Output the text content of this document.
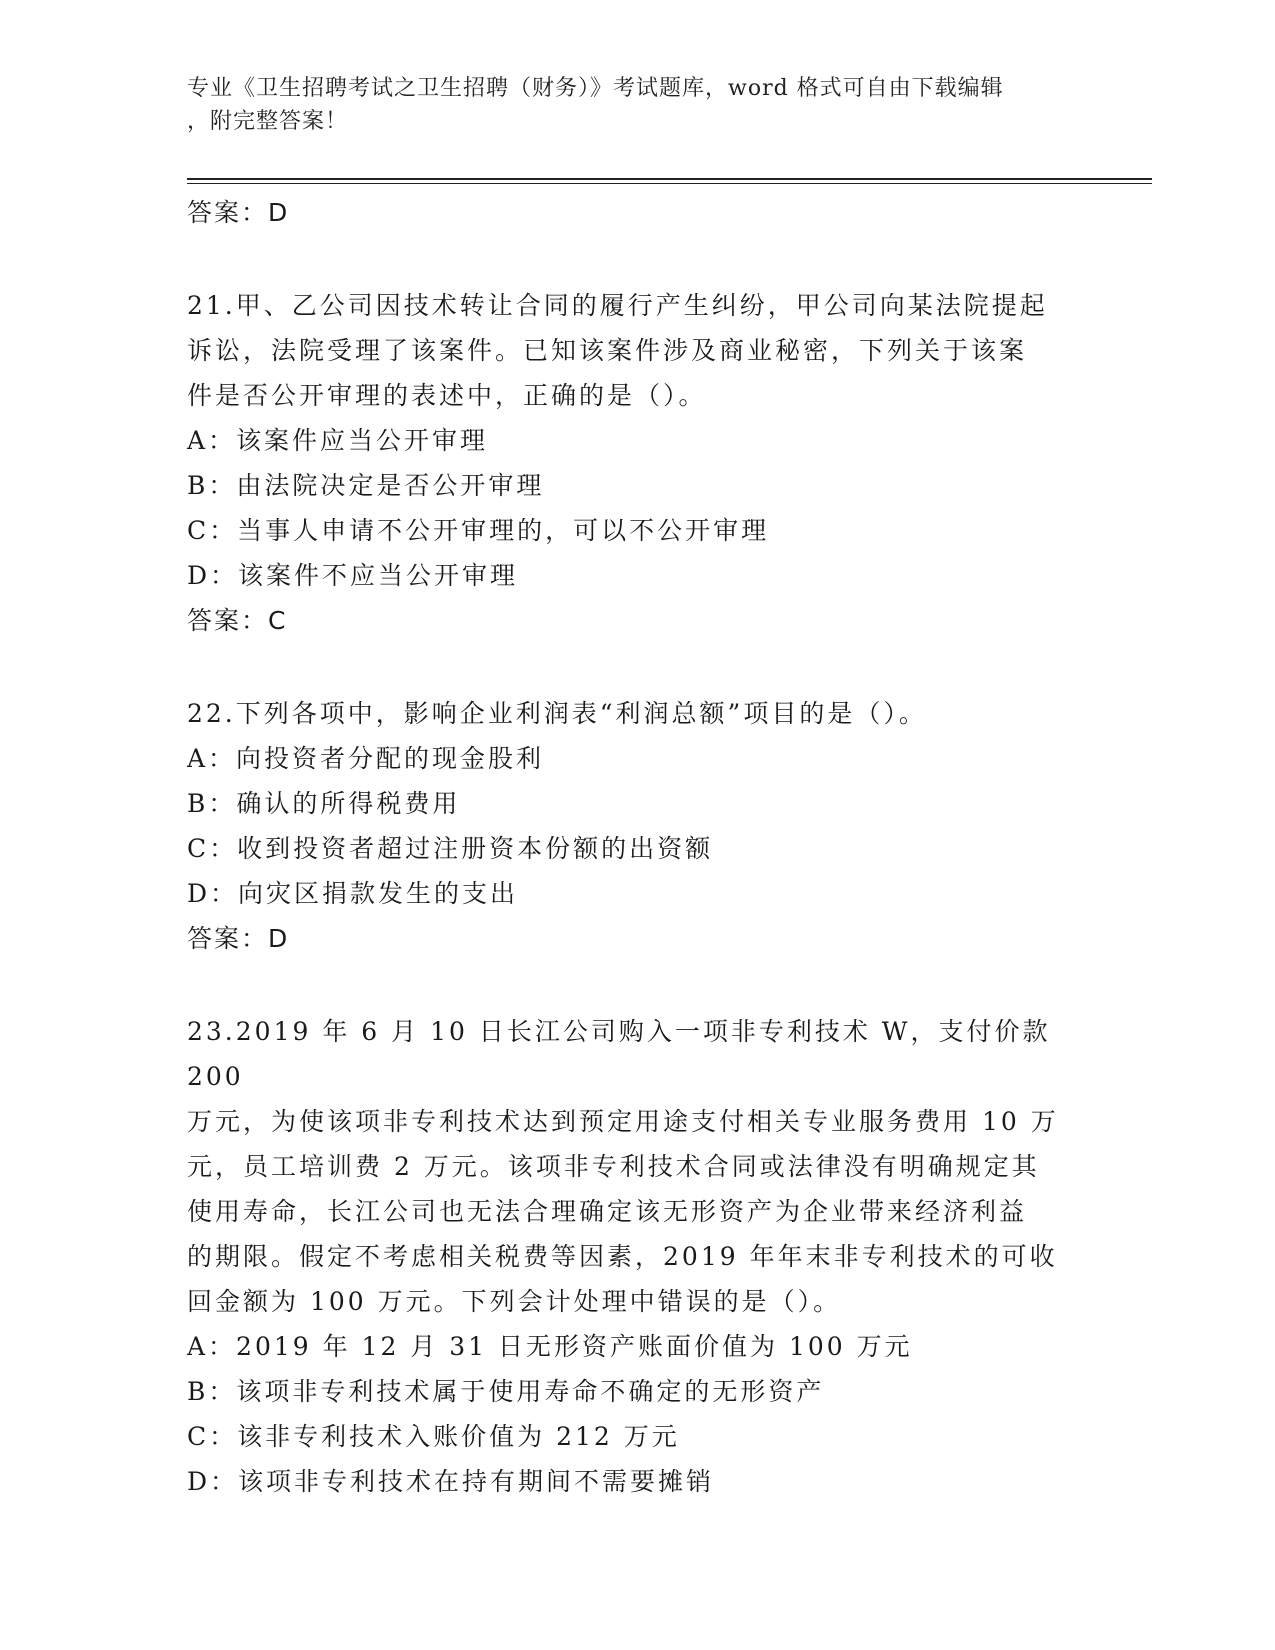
专业《卫生招聘考试之卫生招聘（财务）》考试题库，word 格式可自由下载编辑
，附完整答案！

答案：D

21.甲、乙公司因技术转让合同的履行产生纠纷，甲公司向某法院提起

诉讼，法院受理了该案件。已知该案件涉及商业秘密，下列关于该案

件是否公开审理的表述中，正确的是（）。

A：该案件应当公开审理

B：由法院决定是否公开审理

C：当事人申请不公开审理的，可以不公开审理

D：该案件不应当公开审理

答案：C

22.下列各项中，影响企业利润表“利润总额”项目的是（）。

A：向投资者分配的现金股利

B：确认的所得税费用

C：收到投资者超过注册资本份额的出资额

D：向灾区捐款发生的支出

答案：D

23.2019 年 6 月 10 日长江公司购入一项非专利技术 W，支付价款 200

万元，为使该项非专利技术达到预定用途支付相关专业服务费用 10 万

元，员工培训费 2 万元。该项非专利技术合同或法律没有明确规定其

使用寿命，长江公司也无法合理确定该无形资产为企业带来经济利益

的期限。假定不考虑相关税费等因素，2019 年年末非专利技术的可收

回金额为 100 万元。下列会计处理中错误的是（）。

A：2019 年 12 月 31 日无形资产账面价值为 100 万元

B：该项非专利技术属于使用寿命不确定的无形资产

C：该非专利技术入账价值为 212 万元

D：该项非专利技术在持有期间不需要摊销
